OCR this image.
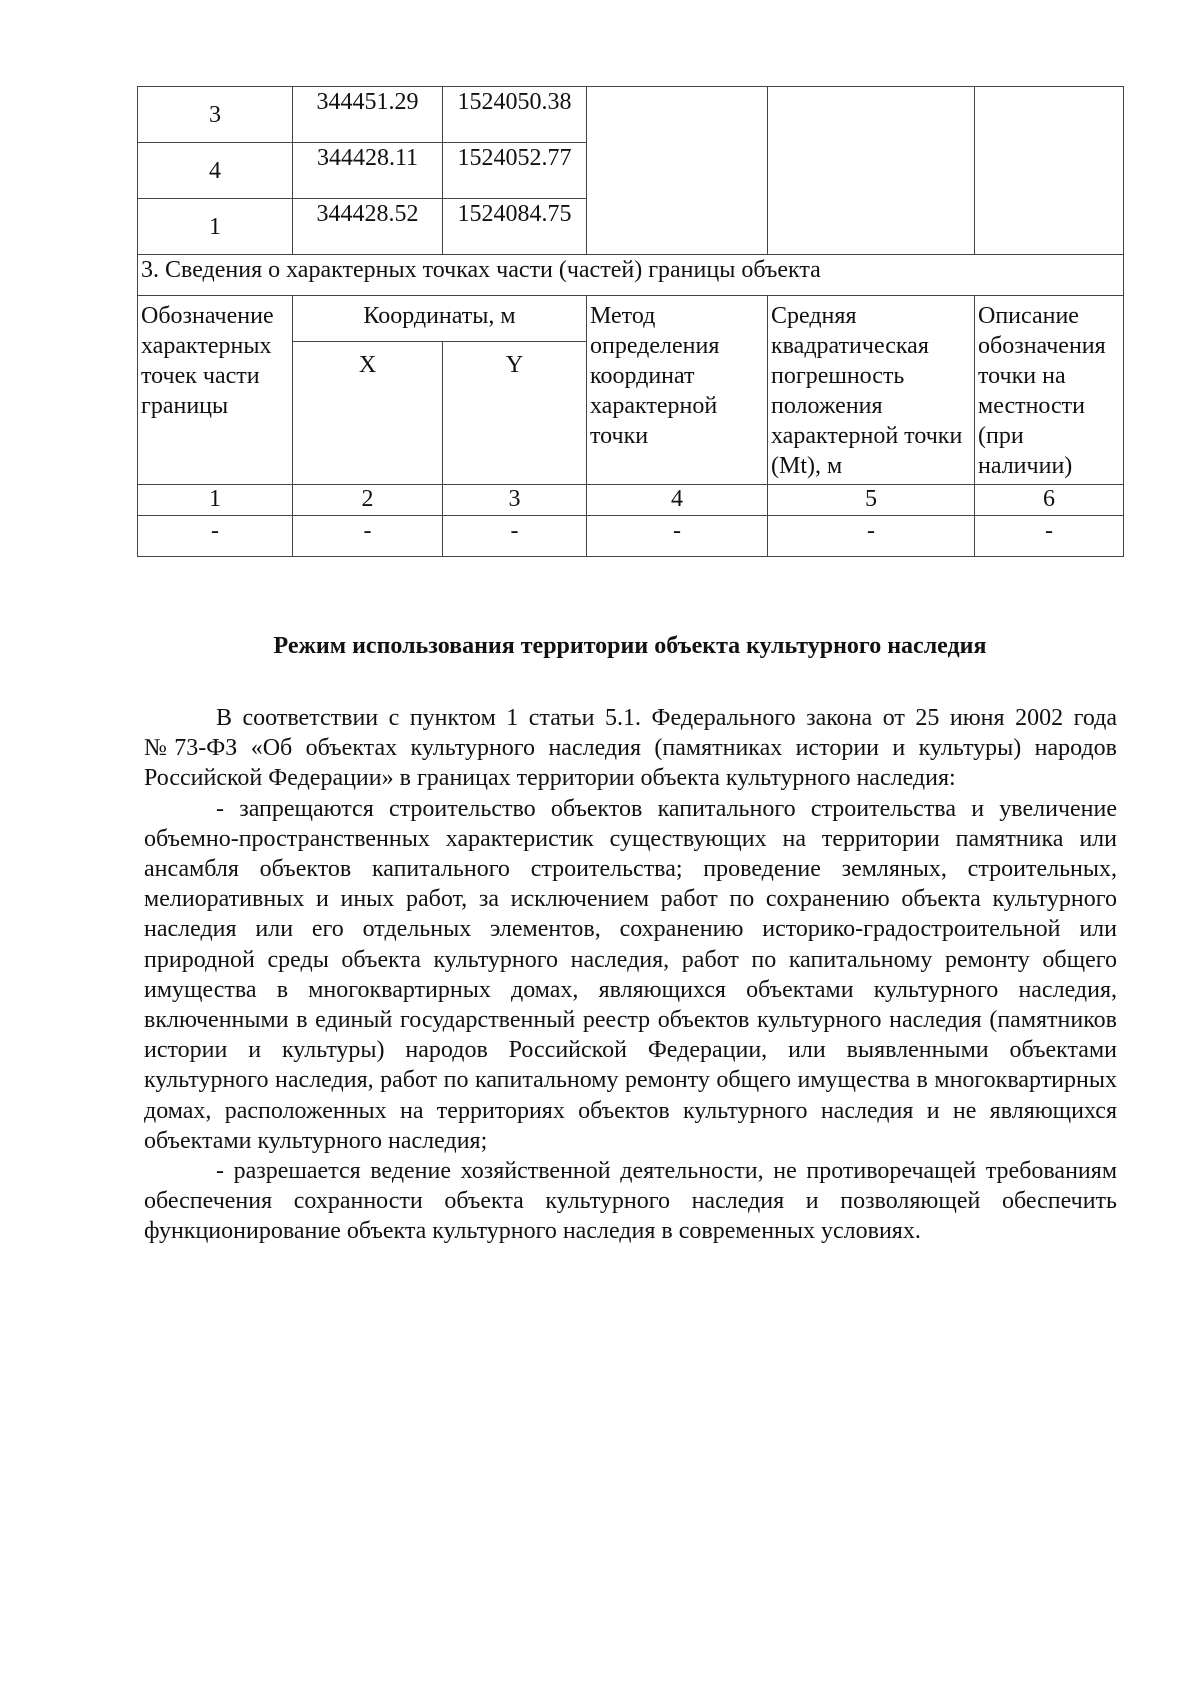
3	344451.29	1524050.38			
4	344428.11	1524052.77			
1	344428.52	1524084.75			
3. Сведения о характерных точках части (частей) границы объекта					
Обозначение характерных точек части границы	Координаты, м		Метод определения координат характерной точки	Средняя квадратическая погрешность положения характерной точки (Mt), м	Описание обозначения точки на местности (при наличии)
	X	Y			
1	2	3	4	5	6
-	-	-	-	-	-
Режим использования территории объекта культурного наследия

В соответствии с пунктом 1 статьи 5.1. Федерального закона от 25 июня 2002 года №73-ФЗ «Об объектах культурного наследия (памятниках истории и культуры) народов Российской Федерации» в границах территории объекта культурного наследия:

- запрещаются строительство объектов капитального строительства и увеличение объемно-пространственных характеристик существующих на территории памятника или ансамбля объектов капитального строительства; проведение земляных, строительных, мелиоративных и иных работ, за исключением работ по сохранению объекта культурного наследия или его отдельных элементов, сохранению историко-градостроительной или природной среды объекта культурного наследия, работ по капитальному ремонту общего имущества в многоквартирных домах, являющихся объектами культурного наследия, включенными в единый государственный реестр объектов культурного наследия (памятников истории и культуры) народов Российской Федерации, или выявленными объектами культурного наследия, работ по капитальному ремонту общего имущества в многоквартирных домах, расположенных на территориях объектов культурного наследия и не являющихся объектами культурного наследия;

- разрешается ведение хозяйственной деятельности, не противоречащей требованиям обеспечения сохранности объекта культурного наследия и позволяющей обеспечить функционирование объекта культурного наследия в современных условиях.
